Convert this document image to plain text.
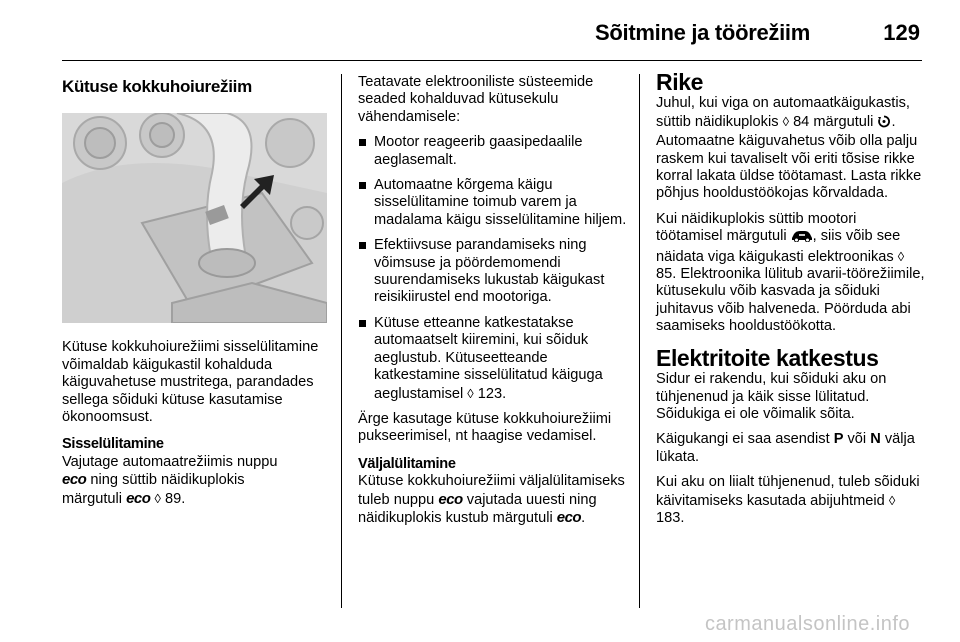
Sõitmine ja töörežiim	129
Kütuse kokkuhoiurežiim

Kütuse kokkuhoiurežiimi sisselülitamine võimaldab käigukastil kohalduda käiguvahetuse mustritega, parandades sellega sõiduki kütuse kasutamise ökonoomsust.

Sisselülitamine

Vajutage automaatrežiimis nuppu
eco ning süttib näidikuplokis
märgutuli eco ◊ 89.

Teatavate elektrooniliste süsteemide seaded kohalduvad kütusekulu vähendamisele:

Mootor reageerib gaasipedaalile aeglasemalt.
Automaatne kõrgema käigu sisselülitamine toimub varem ja madalama käigu sisselülitamine hiljem.
Efektiivsuse parandamiseks ning võimsuse ja pöördemomendi suurendamiseks lukustab käigukast reisikiirustel end mootoriga.
Kütuse etteanne katkestatakse automaatselt kiiremini, kui sõiduk aeglustub. Kütuseetteande katkestamine sisselülitatud käiguga aeglustamisel ◊ 123.

Ärge kasutage kütuse kokkuhoiurežiimi pukseerimisel, nt haagise vedamisel.

Väljalülitamine

Kütuse kokkuhoiurežiimi väljalülitamiseks tuleb nuppu eco vajutada uuesti ning näidikuplokis kustub märgutuli eco.

Rike

Juhul, kui viga on automaatkäigukastis, süttib näidikuplokis ◊ 84 märgutuli . Automaatne käiguvahetus võib olla palju raskem kui tavaliselt või eriti tõsise rikke korral lakata üldse töötamast. Lasta rikke põhjus hooldustöökojas kõrvaldada.

Kui näidikuplokis süttib mootori töötamisel märgutuli , siis võib see näidata viga käigukasti elektroonikas ◊ 85. Elektroonika lülitub avarii-töörežiimile, kütusekulu võib kasvada ja sõiduki juhitavus võib halveneda. Pöörduda abi saamiseks hooldustöökotta.

Elektritoite katkestus

Sidur ei rakendu, kui sõiduki aku on tühjenenud ja käik sisse lülitatud. Sõidukiga ei ole võimalik sõita.

Käigukangi ei saa asendist P või N välja lükata.

Kui aku on liialt tühjenenud, tuleb sõiduki käivitamiseks kasutada abijuhtmeid ◊ 183.

carmanualsonline.info
